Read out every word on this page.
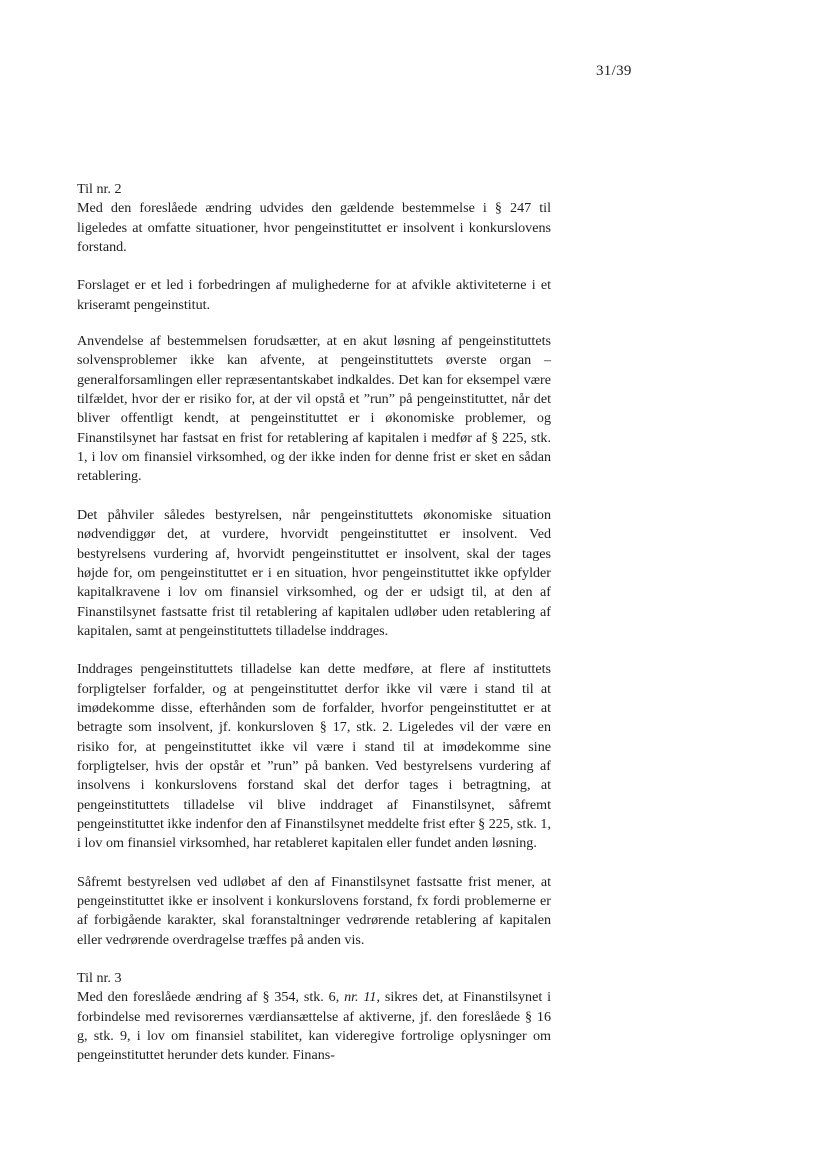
31/39

Til nr. 2
Med den foreslåede ændring udvides den gældende bestemmelse i § 247 til ligeledes at omfatte situationer, hvor pengeinstituttet er insolvent i konkurslovens forstand.

Forslaget er et led i forbedringen af mulighederne for at afvikle aktiviteterne i et kriseramt pengeinstitut.

Anvendelse af bestemmelsen forudsætter, at en akut løsning af pengeinstituttets solvensproblemer ikke kan afvente, at pengeinstituttets øverste organ – generalforsamlingen eller repræsentantskabet indkaldes. Det kan for eksempel være tilfældet, hvor der er risiko for, at der vil opstå et ”run” på pengeinstituttet, når det bliver offentligt kendt, at pengeinstituttet er i økonomiske problemer, og Finanstilsynet har fastsat en frist for retablering af kapitalen i medfør af § 225, stk. 1, i lov om finansiel virksomhed, og der ikke inden for denne frist er sket en sådan retablering.

Det påhviler således bestyrelsen, når pengeinstituttets økonomiske situation nødvendiggør det, at vurdere, hvorvidt pengeinstituttet er insolvent. Ved bestyrelsens vurdering af, hvorvidt pengeinstituttet er insolvent, skal der tages højde for, om pengeinstituttet er i en situation, hvor pengeinstituttet ikke opfylder kapitalkravene i lov om finansiel virksomhed, og der er udsigt til, at den af Finanstilsynet fastsatte frist til retablering af kapitalen udløber uden retablering af kapitalen, samt at pengeinstituttets tilladelse inddrages.

Inddrages pengeinstituttets tilladelse kan dette medføre, at flere af instituttets forpligtelser forfalder, og at pengeinstituttet derfor ikke vil være i stand til at imødekomme disse, efterhånden som de forfalder, hvorfor pengeinstituttet er at betragte som insolvent, jf. konkursloven § 17, stk. 2. Ligeledes vil der være en risiko for, at pengeinstituttet ikke vil være i stand til at imødekomme sine forpligtelser, hvis der opstår et ”run” på banken. Ved bestyrelsens vurdering af insolvens i konkurslovens forstand skal det derfor tages i betragtning, at pengeinstituttets tilladelse vil blive inddraget af Finanstilsynet, såfremt pengeinstituttet ikke indenfor den af Finanstilsynet meddelte frist efter § 225, stk. 1, i lov om finansiel virksomhed, har retableret kapitalen eller fundet anden løsning.

Såfremt bestyrelsen ved udløbet af den af Finanstilsynet fastsatte frist mener, at pengeinstituttet ikke er insolvent i konkurslovens forstand, fx fordi problemerne er af forbigående karakter, skal foranstaltninger vedrørende retablering af kapitalen eller vedrørende overdragelse træffes på anden vis.

Til nr. 3
Med den foreslåede ændring af § 354, stk. 6, nr. 11, sikres det, at Finanstilsynet i forbindelse med revisorernes værdiansættelse af aktiverne, jf. den foreslåede § 16 g, stk. 9, i lov om finansiel stabilitet, kan videregive fortrolige oplysninger om pengeinstituttet herunder dets kunder. Finans-
